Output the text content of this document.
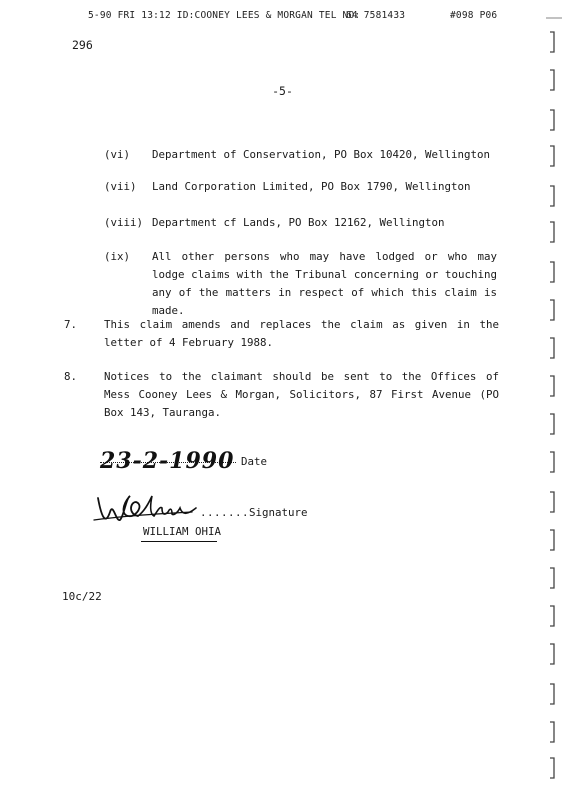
5-90 FRI 13:12 ID:COONEY LEES & MORGAN TEL NO:
64 7581433	#098 P06
296
-5-
(vi) Department of Conservation, PO Box 10420, Wellington
(vii) Land Corporation Limited, PO Box 1790, Wellington
(viii) Department cf Lands, PO Box 12162, Wellington
(ix) All other persons who may have lodged or who may lodge claims with the Tribunal concerning or touching any of the matters in respect of which this claim is made.
7. This claim amends and replaces the claim as given in the letter of 4 February 1988.
8. Notices to the claimant should be sent to the Offices of Mess Cooney Lees & Morgan, Solicitors, 87 First Avenue (PO Box 143, Tauranga.
23-2-1990 Date
....... Signature
WILLIAM OHIA
10c/22
